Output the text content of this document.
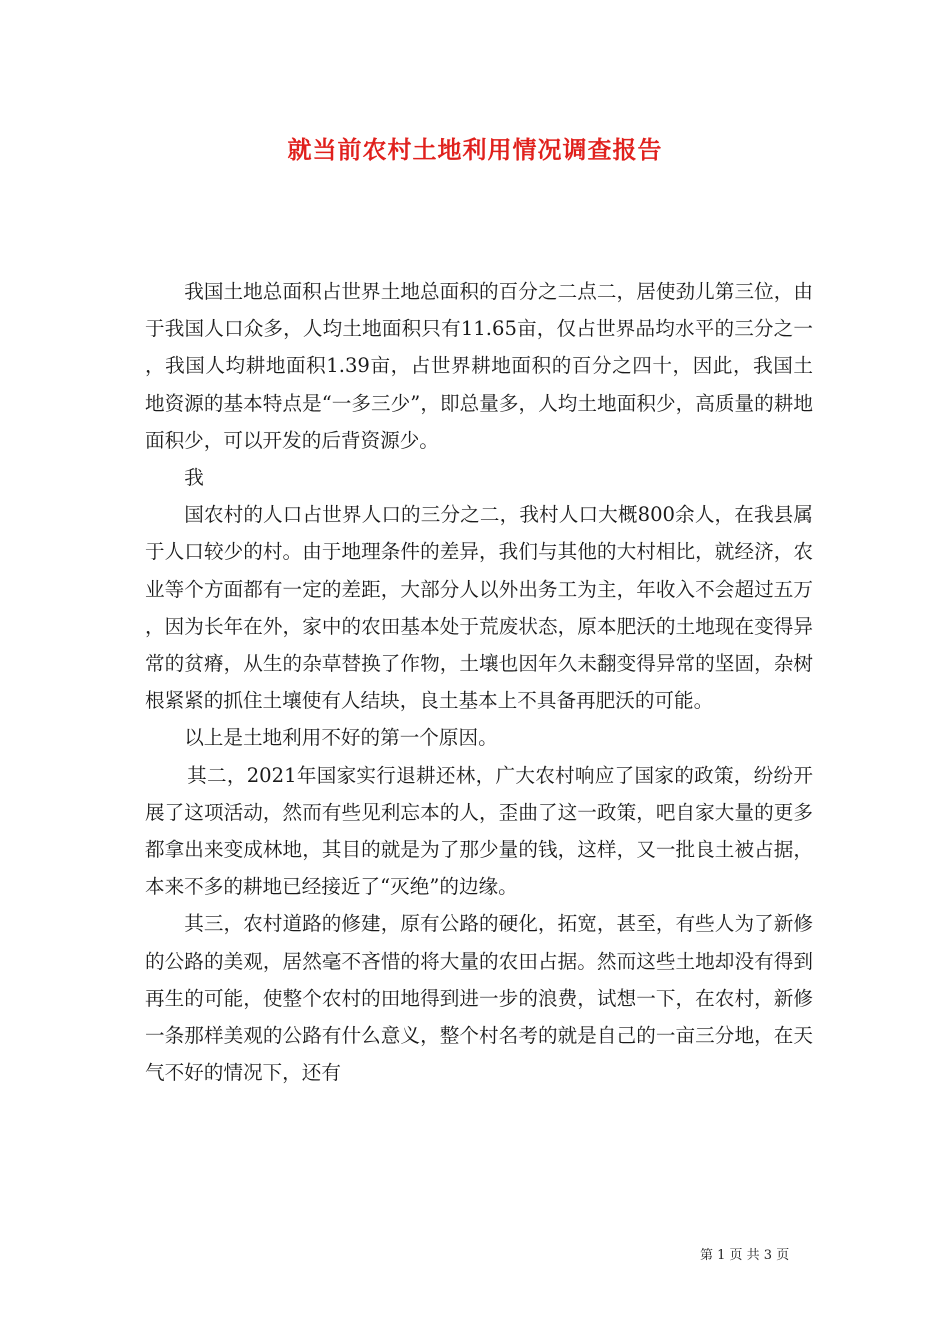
就当前农村土地利用情况调查报告

我国土地总面积占世界土地总面积的百分之二点二，居使劲儿第三位，由于我国人口众多，人均土地面积只有11.65亩，仅占世界品均水平的三分之一，我国人均耕地面积1.39亩，占世界耕地面积的百分之四十，因此，我国土地资源的基本特点是“一多三少”，即总量多，人均土地面积少，高质量的耕地面积少，可以开发的后背资源少。

我

国农村的人口占世界人口的三分之二，我村人口大概800余人，在我县属于人口较少的村。由于地理条件的差异，我们与其他的大村相比，就经济，农业等个方面都有一定的差距，大部分人以外出务工为主，年收入不会超过五万，因为长年在外，家中的农田基本处于荒废状态，原本肥沃的土地现在变得异常的贫瘠，从生的杂草替换了作物，土壤也因年久未翻变得异常的坚固，杂树根紧紧的抓住土壤使有人结块，良土基本上不具备再肥沃的可能。

以上是土地利用不好的第一个原因。

其二，2021年国家实行退耕还林，广大农村响应了国家的政策，纷纷开展了这项活动，然而有些见利忘本的人，歪曲了这一政策，吧自家大量的更多都拿出来变成林地，其目的就是为了那少量的钱，这样，又一批良土被占据，本来不多的耕地已经接近了“灭绝”的边缘。

其三，农村道路的修建，原有公路的硬化，拓宽，甚至，有些人为了新修的公路的美观，居然毫不吝惜的将大量的农田占据。然而这些土地却没有得到再生的可能，使整个农村的田地得到进一步的浪费，试想一下，在农村，新修一条那样美观的公路有什么意义，整个村名考的就是自己的一亩三分地，在天气不好的情况下，还有

第 1 页 共 3 页
